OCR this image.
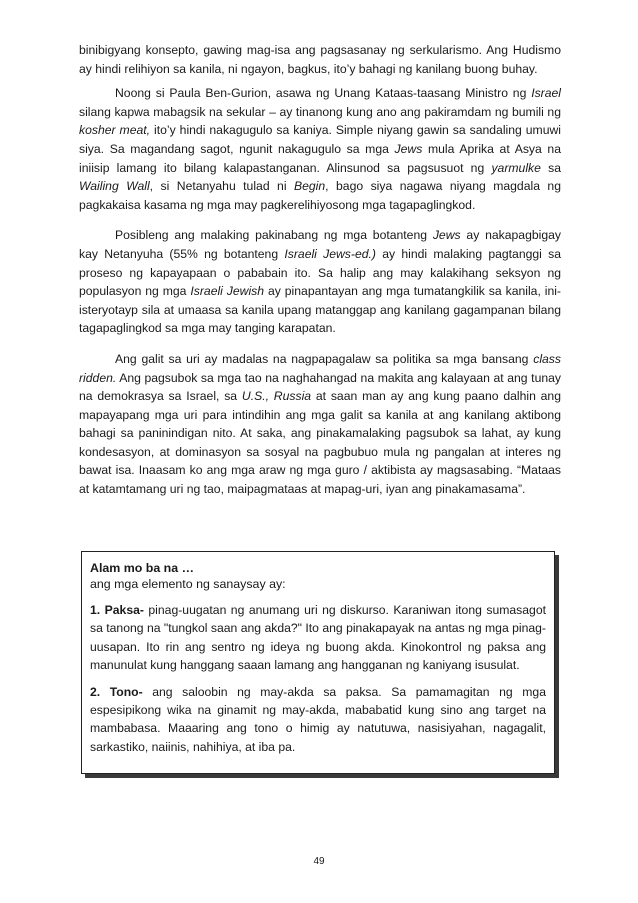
binibigyang konsepto, gawing mag-isa ang pagsasanay ng serkularismo. Ang Hudismo ay hindi relihiyon sa kanila, ni ngayon, bagkus, ito’y bahagi ng kanilang buong buhay.

Noong si Paula Ben-Gurion, asawa ng Unang Kataas-taasang Ministro ng Israel silang kapwa mabagsik na sekular – ay tinanong kung ano ang pakiramdam ng bumili ng kosher meat, ito’y hindi nakagugulo sa kaniya. Simple niyang gawin sa sandaling umuwi siya. Sa magandang sagot, ngunit nakagugulo sa mga Jews mula Aprika at Asya na iniisip lamang ito bilang kalapastanganan. Alinsunod sa pagsusuot ng yarmulke sa Wailing Wall, si Netanyahu tulad ni Begin, bago siya nagawa niyang magdala ng pagkakaisa kasama ng mga may pagkerelihiyosong mga tagapaglingkod.

Posibleng ang malaking pakinabang ng mga botanteng Jews ay nakapagbigay kay Netanyuha (55% ng botanteng Israeli Jews-ed.) ay hindi malaking pagtanggi sa proseso ng kapayapaan o pababain ito. Sa halip ang may kalakihang seksyon ng populasyon ng mga Israeli Jewish ay pinapantayan ang mga tumatangkilik sa kanila, ini-isteryotayp sila at umaasa sa kanila upang matanggap ang kanilang gagampanan bilang tagapaglingkod sa mga may tanging karapatan.

Ang galit sa uri ay madalas na nagpapagalaw sa politika sa mga bansang class ridden. Ang pagsubok sa mga tao na naghahangad na makita ang kalayaan at ang tunay na demokrasya sa Israel, sa U.S., Russia at saan man ay ang kung paano dalhin ang mapayapang mga uri para intindihin ang mga galit sa kanila at ang kanilang aktibong bahagi sa paninindigan nito. At saka, ang pinakamalaking pagsubok sa lahat, ay kung kondesasyon, at dominasyon sa sosyal na pagbubuo mula ng pangalan at interes ng bawat isa. Inaasam ko ang mga araw ng mga guro / aktibista ay magsasabing. “Mataas at katamtamang uri ng tao, maipagmataas at mapag-uri, iyan ang pinakamasama”.

Alam mo ba na …

ang mga elemento ng sanaysay ay:

1. Paksa- pinag-uugatan ng anumang uri ng diskurso. Karaniwan itong sumasagot sa tanong na "tungkol saan ang akda?" Ito ang pinakapayak na antas ng mga pinag-uusapan. Ito rin ang sentro ng ideya ng buong akda. Kinokontrol ng paksa ang manunulat kung hanggang saaan lamang ang hangganan ng kaniyang isusulat.

2. Tono- ang saloobin ng may-akda sa paksa. Sa pamamagitan ng mga espesipikong wika na ginamit ng may-akda, mababatid kung sino ang target na mambabasa. Maaaring ang tono o himig ay natutuwa, nasisiyahan, nagagalit, sarkastiko, naiinis, nahihiya, at iba pa.

49
